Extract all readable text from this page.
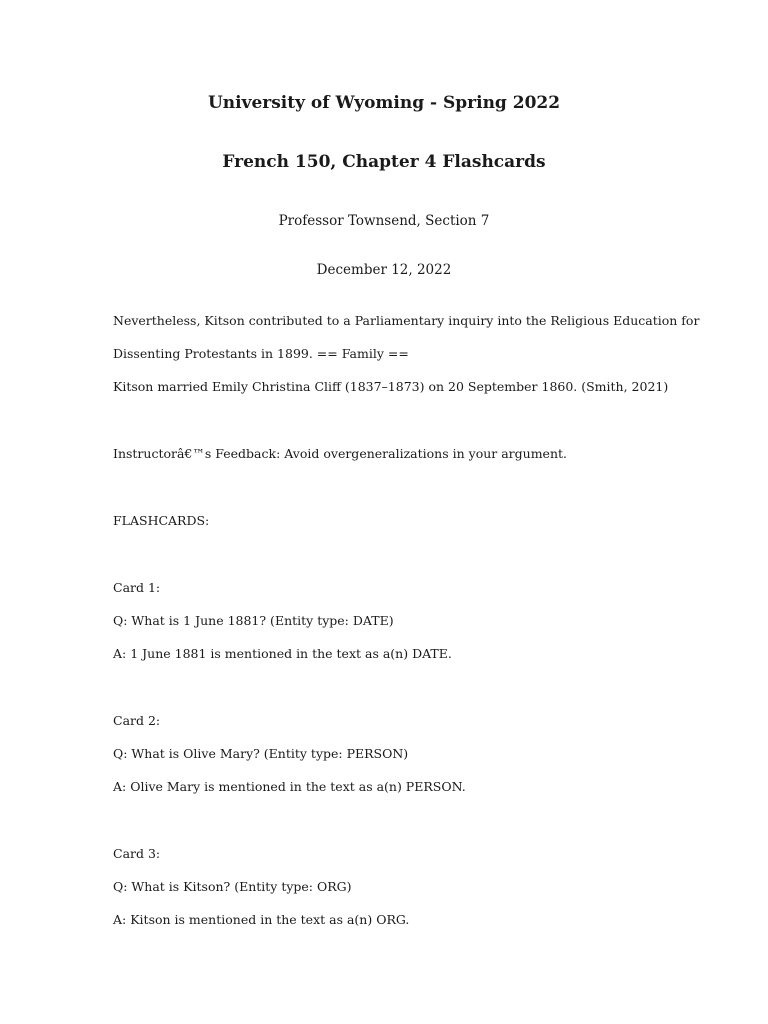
University of Wyoming - Spring 2022
French 150, Chapter 4 Flashcards

Professor Townsend, Section 7

December 12, 2022

Nevertheless, Kitson contributed to a Parliamentary inquiry into the Religious Education for

Dissenting Protestants in 1899. == Family ==

Kitson married Emily Christina Cliff (1837–1873) on 20 September 1860. (Smith, 2021)

Instructorâ€™s Feedback: Avoid overgeneralizations in your argument.

FLASHCARDS:

Card 1:

Q: What is 1 June 1881? (Entity type: DATE)

A: 1 June 1881 is mentioned in the text as a(n) DATE.

Card 2:

Q: What is Olive Mary? (Entity type: PERSON)

A: Olive Mary is mentioned in the text as a(n) PERSON.

Card 3:

Q: What is Kitson? (Entity type: ORG)

A: Kitson is mentioned in the text as a(n) ORG.
